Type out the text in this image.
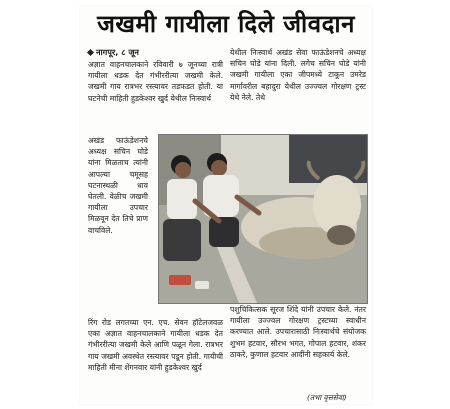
जखमी गायीला दिले जीवदान
नागपूर, ८ जून
अज्ञात वाहनचालकाने रविवारी ७ जूनच्या रात्री गायीला धडक देत गंभीररीत्या जखमी केले. जखमी गाय रात्रभर रस्त्यावर तडफडत होती. या घटनेची माहिती हुडकेश्वर खुर्द येथील निःस्वार्थ
अखंड फाऊंडेशनचे अध्यक्ष सचिन घोडे यांना मिळताच त्यांनी आपल्या चमूसह घटनास्थळी धाव घेतली. वेळीच जखमी गायीला उपचार मिळवून देत तिचे प्राण वाचविले.
रिंग रोड लगतच्या एन. एच. सेवन हॉटेलजवळ एका अज्ञात वाहनचालकाने गायीला धडक देत गंभीररीत्या जखमी केले आणि पळून गेला. रात्रभर गाय जखमी अवस्थेत रस्त्यावर पडून होती. गायीची माहिती मीना शेंगनवार यांनी हुडकेश्वर खुर्द
येथील निःस्वार्थ अखंड सेवा फाऊंडेशनचे अध्यक्ष सचिन घोडे यांना दिली. लगेच सचिन घोडे यांनी जखमी गायीला एका जीपमध्ये टाकून उमरेड मार्गावरील बहादुरा येथील उज्ज्वल गोरक्षण ट्रस्ट येथे नेले. तेथे
पशुचिकित्सक सूरज शिंदे यांनी उपचार केले. नंतर गायीला उज्ज्वल गोरक्षण ट्रस्टच्या स्वाधीन करण्यात आले. उपचारासाठी निःस्वार्थचे संयोजक शुभम हटवार, सौरभ भगत, गोपाल हटवार, शंकर ठाकरे, कुणाल हटवार आदींनी सहकार्य केले.
(तभा वृत्तसेवा)
